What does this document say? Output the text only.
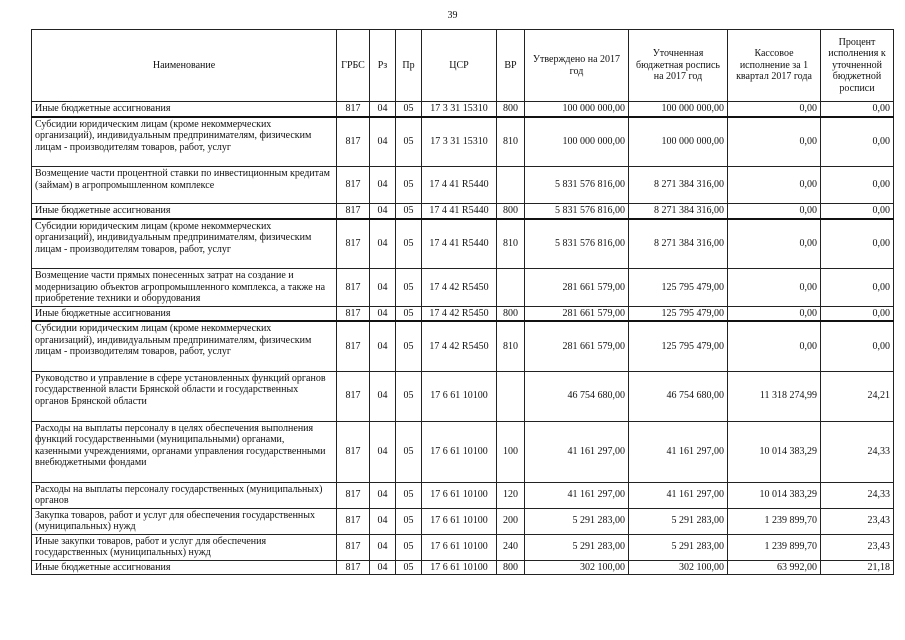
39
Наименование	ГРБС	Рз	Пр	ЦСР	ВР	Утверждено на 2017 год	Уточненная бюджетная роспись на 2017 год	Кассовое исполнение за 1 квартал 2017 года	Процент исполнения к уточненной бюджетной росписи
Иные бюджетные ассигнования	817	04	05	17 3 31 15310	800	100 000 000,00	100 000 000,00	0,00	0,00
Субсидии юридическим лицам (кроме некоммерческих организаций), индивидуальным предпринимателям, физическим лицам - производителям товаров, работ, услуг	817	04	05	17 3 31 15310	810	100 000 000,00	100 000 000,00	0,00	0,00
Возмещение части процентной ставки по инвестиционным кредитам (займам) в агропромышленном комплексе	817	04	05	17 4 41 R5440		5 831 576 816,00	8 271 384 316,00	0,00	0,00
Иные бюджетные ассигнования	817	04	05	17 4 41 R5440	800	5 831 576 816,00	8 271 384 316,00	0,00	0,00
Субсидии юридическим лицам (кроме некоммерческих организаций), индивидуальным предпринимателям, физическим лицам - производителям товаров, работ, услуг	817	04	05	17 4 41 R5440	810	5 831 576 816,00	8 271 384 316,00	0,00	0,00
Возмещение части прямых понесенных затрат на создание и модернизацию объектов агропромышленного комплекса, а также на приобретение техники и оборудования	817	04	05	17 4 42 R5450		281 661 579,00	125 795 479,00	0,00	0,00
Иные бюджетные ассигнования	817	04	05	17 4 42 R5450	800	281 661 579,00	125 795 479,00	0,00	0,00
Субсидии юридическим лицам (кроме некоммерческих организаций), индивидуальным предпринимателям, физическим лицам - производителям товаров, работ, услуг	817	04	05	17 4 42 R5450	810	281 661 579,00	125 795 479,00	0,00	0,00
Руководство и управление в сфере установленных функций органов государственной власти Брянской области и государственных органов Брянской области	817	04	05	17 6 61 10100		46 754 680,00	46 754 680,00	11 318 274,99	24,21
Расходы на выплаты персоналу в целях обеспечения выполнения функций государственными (муниципальными) органами, казенными учреждениями, органами управления государственными внебюджетными фондами	817	04	05	17 6 61 10100	100	41 161 297,00	41 161 297,00	10 014 383,29	24,33
Расходы на выплаты персоналу государственных (муниципальных) органов	817	04	05	17 6 61 10100	120	41 161 297,00	41 161 297,00	10 014 383,29	24,33
Закупка товаров, работ и услуг для обеспечения государственных (муниципальных) нужд	817	04	05	17 6 61 10100	200	5 291 283,00	5 291 283,00	1 239 899,70	23,43
Иные закупки товаров, работ и услуг для обеспечения государственных (муниципальных) нужд	817	04	05	17 6 61 10100	240	5 291 283,00	5 291 283,00	1 239 899,70	23,43
Иные бюджетные ассигнования	817	04	05	17 6 61 10100	800	302 100,00	302 100,00	63 992,00	21,18
